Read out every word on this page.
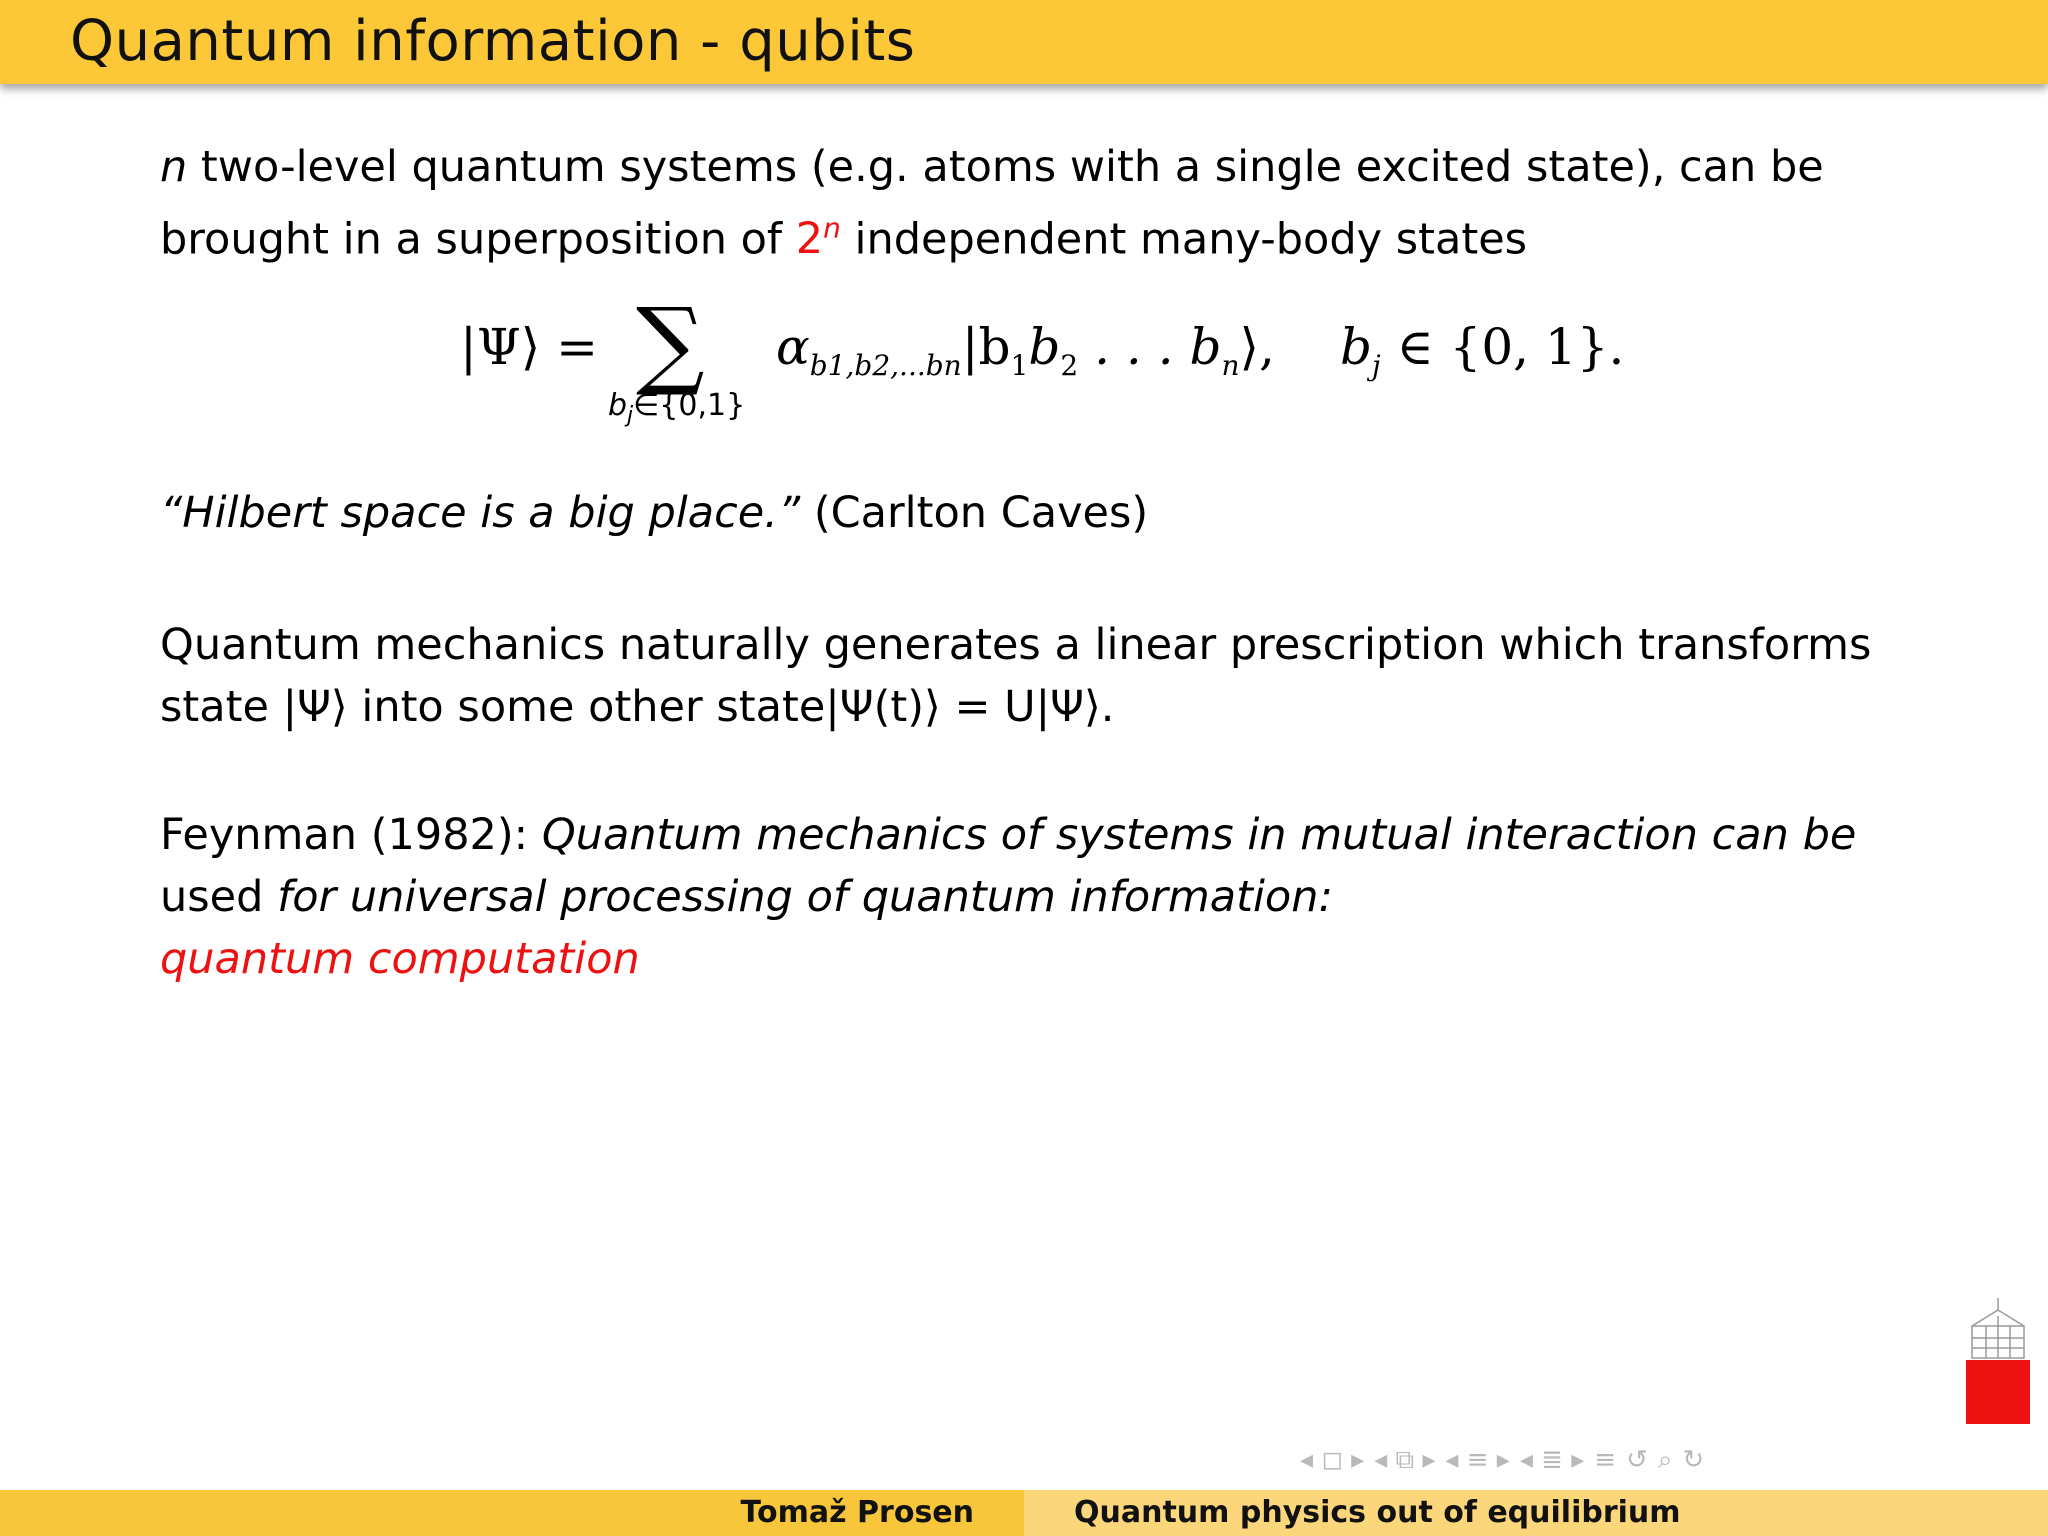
Quantum information - qubits

n two-level quantum systems (e.g. atoms with a single excited state), can be brought in a superposition of 2$^n$ independent many-body states

|Ψ⟩ = ∑
$b_j\in\{0,1\}$
$\alpha_{b1,b2,...bn}|b_1b_2$ . . . $b_n⟩$, $b_j$ ∈ {0, 1}.
“Hilbert space is a big place.” (Carlton Caves)
Quantum mechanics naturally generates a linear prescription which transforms state |Ψ⟩ into some other state|Ψ(t)⟩ = U|Ψ⟩.
Feynman (1982): Quantum mechanics of systems in mutual interaction can be
used for universal processing of quantum information:
quantum computation
◂ ◻ ▸ ◂ ⧉ ▸ ◂ ≡ ▸ ◂ ≣ ▸ ≡ ↺ ⌕ ↻
Tomaž Prosen	Quantum physics out of equilibrium
